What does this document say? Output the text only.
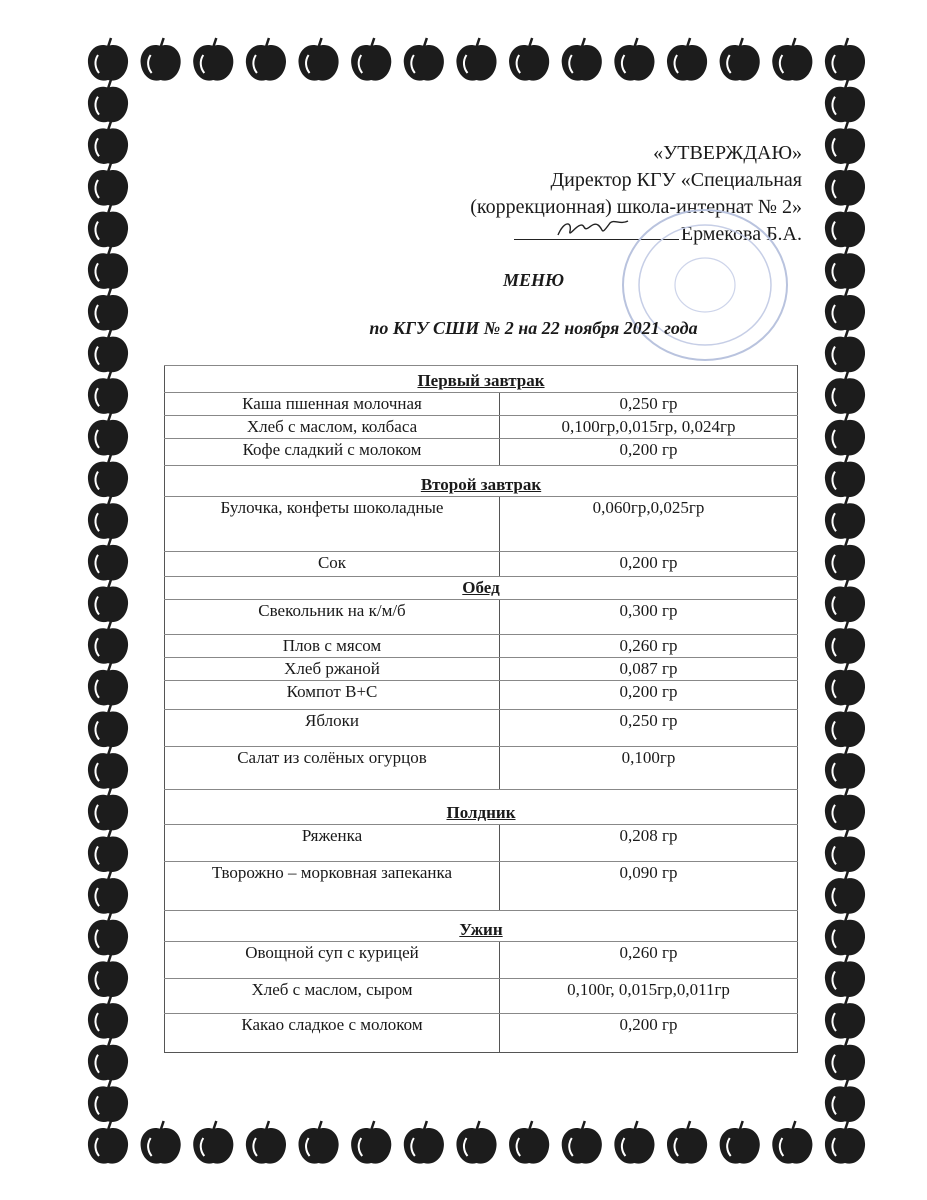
«УТВЕРЖДАЮ»
Директор КГУ «Специальная
(коррекционная) школа-интернат № 2»
Ермекова Б.А.
МЕНЮ
по КГУ СШИ № 2 на 22 ноября 2021 года
Первый завтрак	
Каша пшенная молочная	0,250 гр
Хлеб с маслом, колбаса	0,100гр,0,015гр, 0,024гр
Кофе сладкий с молоком	0,200 гр
Второй завтрак	
Булочка, конфеты шоколадные	0,060гр,0,025гр
Сок	0,200 гр
Обед	
Свекольник на к/м/б	0,300 гр
Плов с мясом	0,260 гр
Хлеб ржаной	0,087 гр
Компот В+С	0,200 гр
Яблоки	0,250 гр
Салат из солёных огурцов	0,100гр
Полдник	
Ряженка	0,208 гр
Творожно – морковная запеканка	0,090 гр
Ужин	
Овощной суп с курицей	0,260 гр
Хлеб с маслом, сыром	0,100г, 0,015гр,0,011гр
Какао сладкое с молоком	0,200 гр
